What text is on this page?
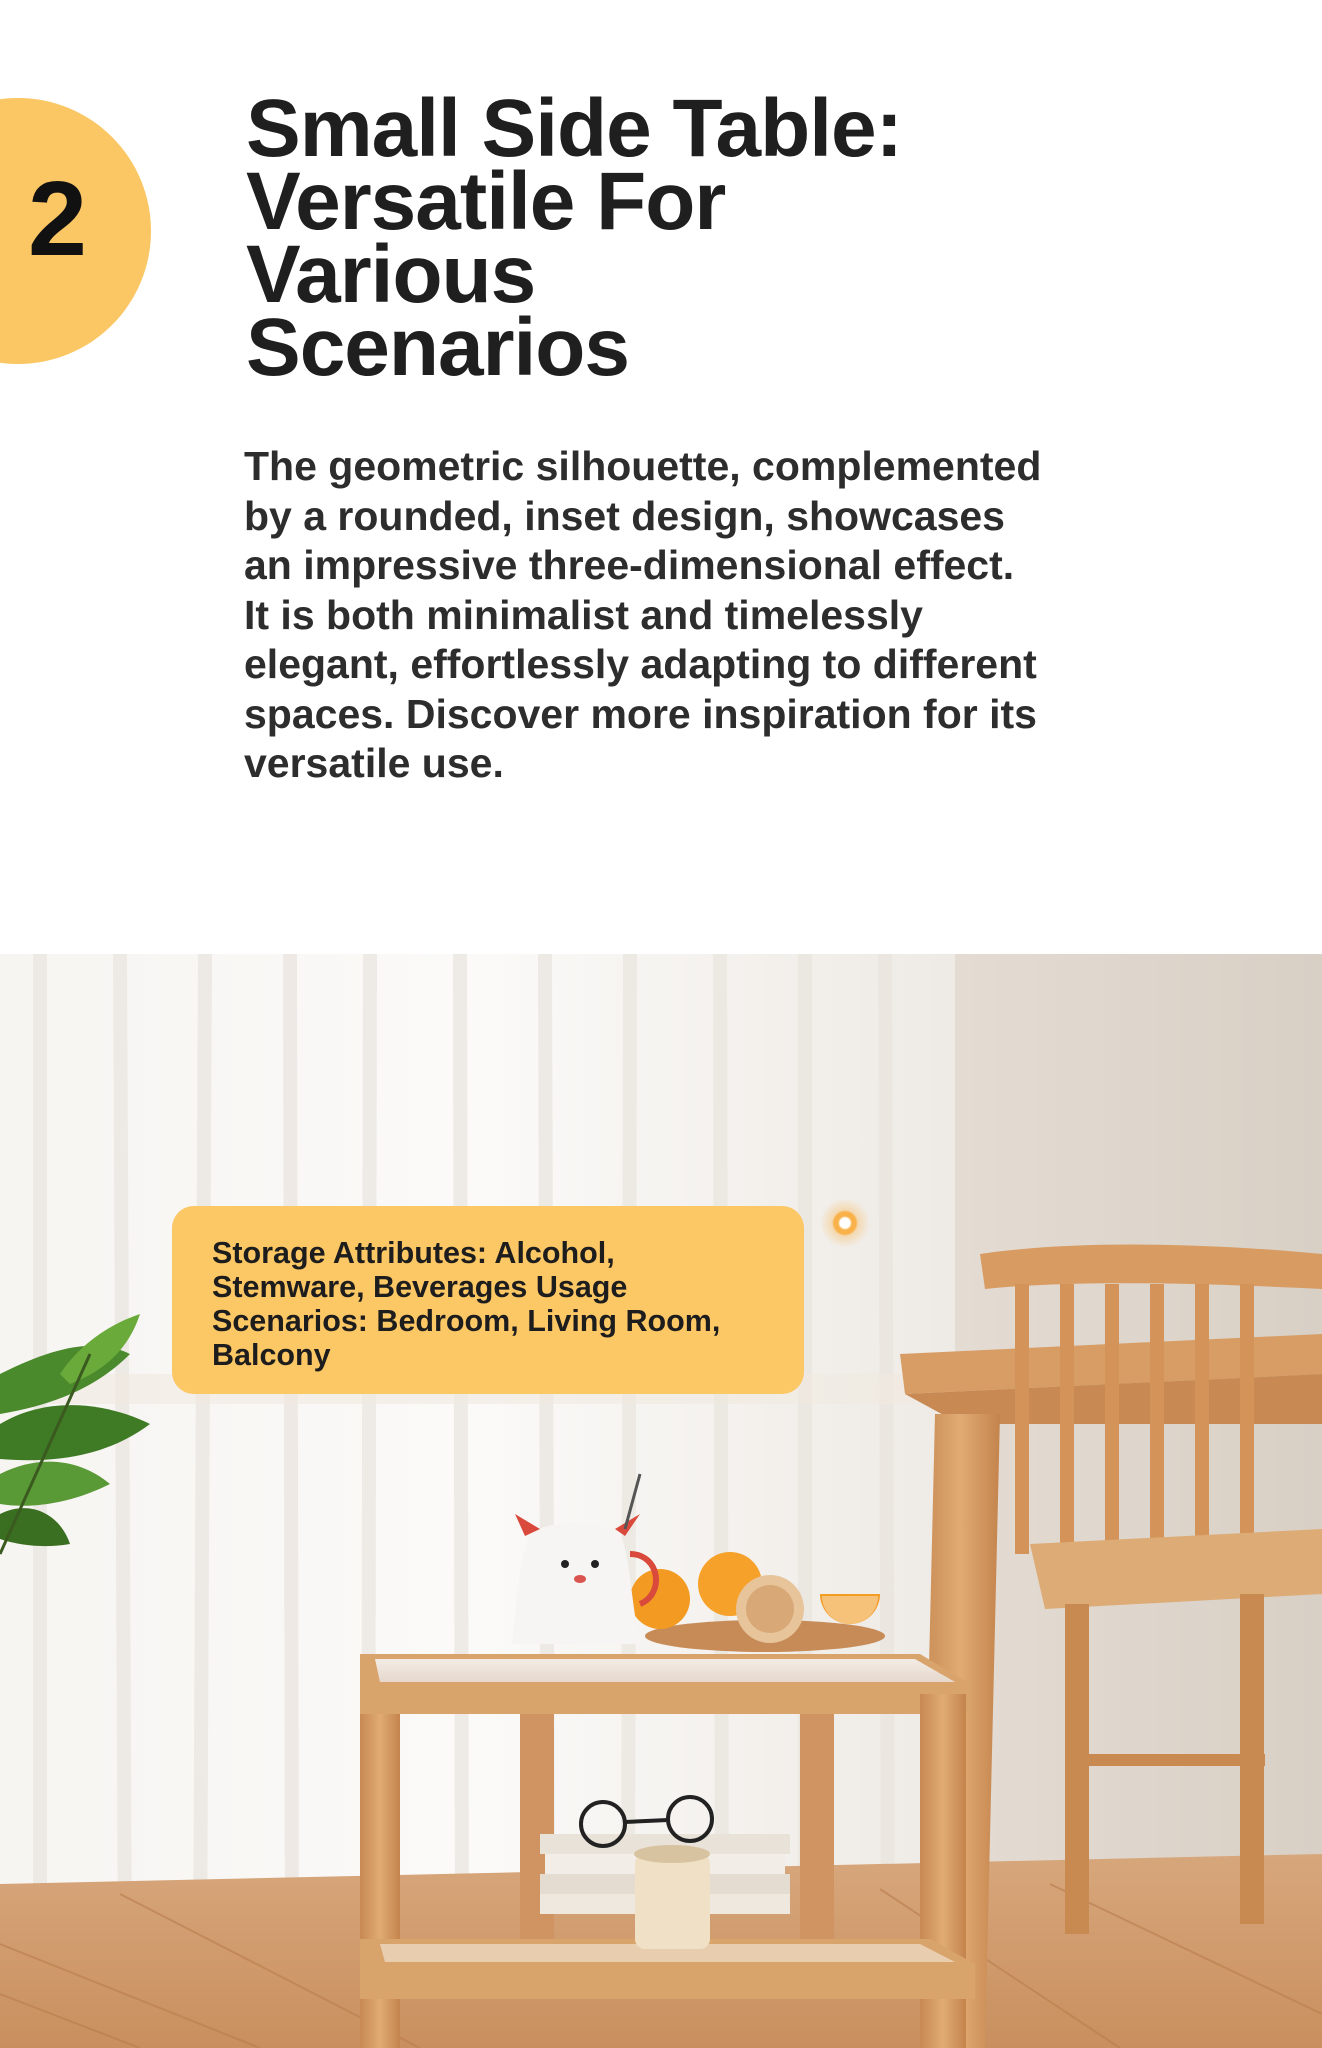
2
Small Side Table:
Versatile For
Various
Scenarios

The geometric silhouette, complemented
by a rounded, inset design, showcases
an impressive three-dimensional effect.
It is both minimalist and timelessly
elegant, effortlessly adapting to different
spaces. Discover more inspiration for its
versatile use.

Storage Attributes: Alcohol,
Stemware, Beverages Usage
Scenarios: Bedroom, Living Room,
Balcony
